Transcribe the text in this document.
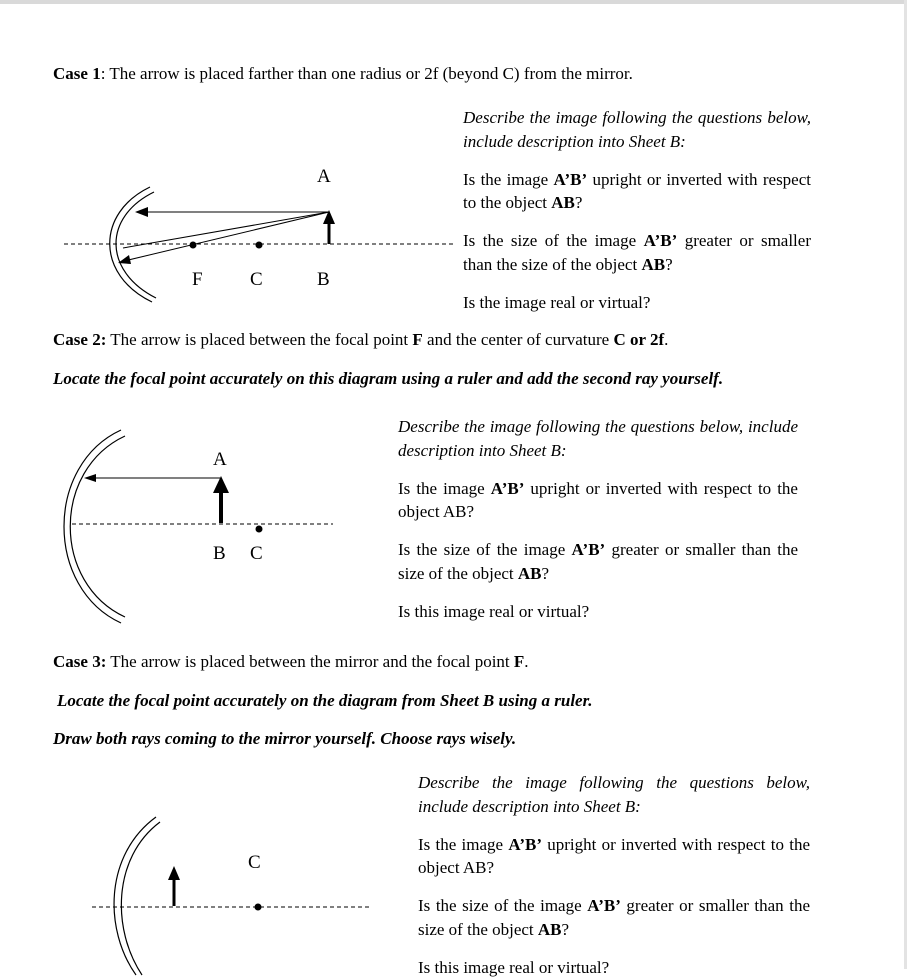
Case 1: The arrow is placed farther than one radius or 2f (beyond C) from the mirror.
A
F C	B

Describe the image following the questions below, include description into Sheet B:

Is the image A’B’ upright or inverted with respect to the object AB?

Is the size of the image A’B’ greater or smaller than the size of the object AB?

Is the image real or virtual?

Case 2: The arrow is placed between the focal point F and the center of curvature C or 2f.
Locate the focal point accurately on this diagram using a ruler and add the second ray yourself.
A
B C

Describe the image following the questions below, include description into Sheet B:

Is the image A’B’ upright or inverted with respect to the object AB?

Is the size of the image A’B’ greater or smaller than the size of the object AB?

Is this image real or virtual?

Case 3: The arrow is placed between the mirror and the focal point F.
Locate the focal point accurately on the diagram from Sheet B using a ruler.
Draw both rays coming to the mirror yourself. Choose rays wisely.
C

Describe the image following the questions below, include description into Sheet B:

Is the image A’B’ upright or inverted with respect to the object AB?

Is the size of the image A’B’ greater or smaller than the size of the object AB?

Is this image real or virtual?
